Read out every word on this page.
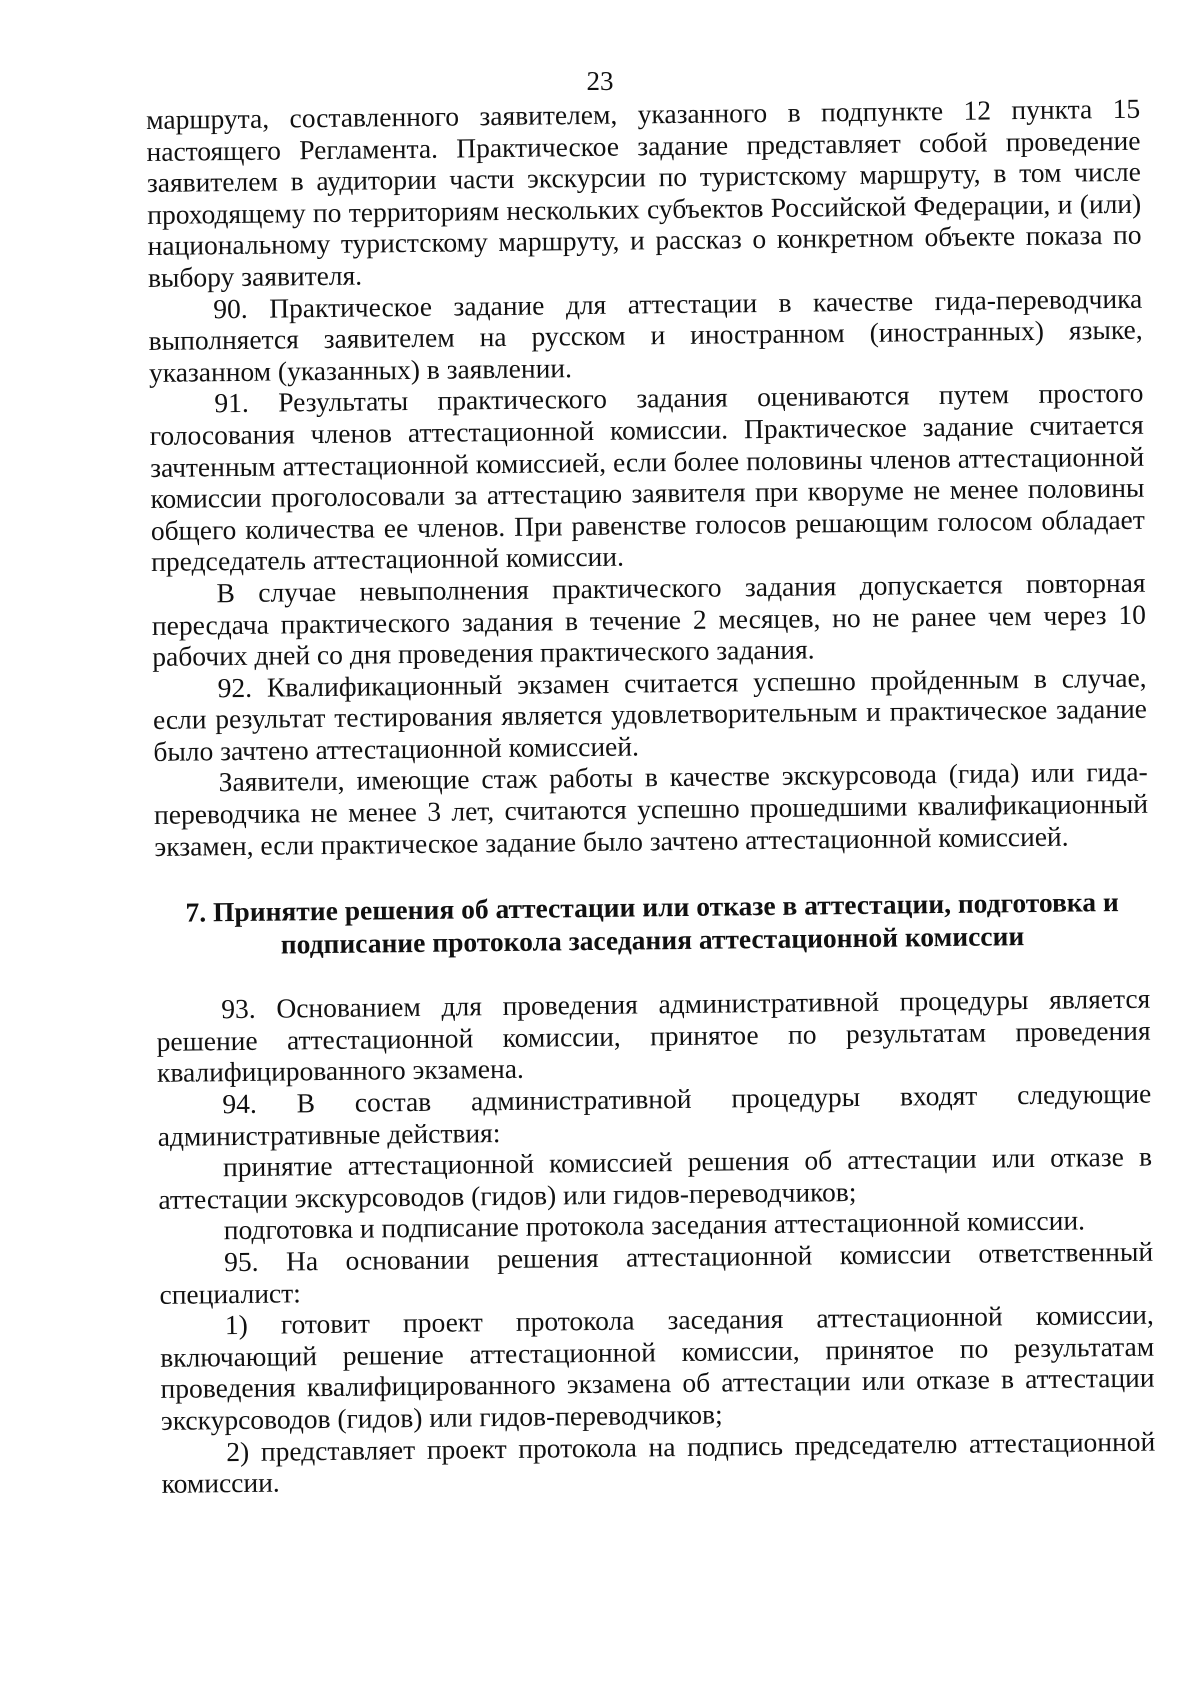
23

маршрута, составленного заявителем, указанного в подпункте 12 пункта 15 настоящего Регламента. Практическое задание представляет собой проведение заявителем в аудитории части экскурсии по туристскому маршруту, в том числе проходящему по территориям нескольких субъектов Российской Федерации, и (или) национальному туристскому маршруту, и рассказ о конкретном объекте показа по выбору заявителя.

90. Практическое задание для аттестации в качестве гида-переводчика выполняется заявителем на русском и иностранном (иностранных) языке, указанном (указанных) в заявлении.

91. Результаты практического задания оцениваются путем простого голосования членов аттестационной комиссии. Практическое задание считается зачтенным аттестационной комиссией, если более половины членов аттестационной комиссии проголосовали за аттестацию заявителя при кворуме не менее половины общего количества ее членов. При равенстве голосов решающим голосом обладает председатель аттестационной комиссии.

В случае невыполнения практического задания допускается повторная пересдача практического задания в течение 2 месяцев, но не ранее чем через 10 рабочих дней со дня проведения практического задания.

92. Квалификационный экзамен считается успешно пройденным в случае, если результат тестирования является удовлетворительным и практическое задание было зачтено аттестационной комиссией.

Заявители, имеющие стаж работы в качестве экскурсовода (гида) или гида-переводчика не менее 3 лет, считаются успешно прошедшими квалификационный экзамен, если практическое задание было зачтено аттестационной комиссией.

7. Принятие решения об аттестации или отказе в аттестации, подготовка и

подписание протокола заседания аттестационной комиссии

93. Основанием для проведения административной процедуры является решение аттестационной комиссии, принятое по результатам проведения квалифицированного экзамена.

94. В состав административной процедуры входят следующие административные действия:

принятие аттестационной комиссией решения об аттестации или отказе в аттестации экскурсоводов (гидов) или гидов-переводчиков;

подготовка и подписание протокола заседания аттестационной комиссии.

95. На основании решения аттестационной комиссии ответственный специалист:

1) готовит проект протокола заседания аттестационной комиссии, включающий решение аттестационной комиссии, принятое по результатам проведения квалифицированного экзамена об аттестации или отказе в аттестации экскурсоводов (гидов) или гидов-переводчиков;

2) представляет проект протокола на подпись председателю аттестационной комиссии.
